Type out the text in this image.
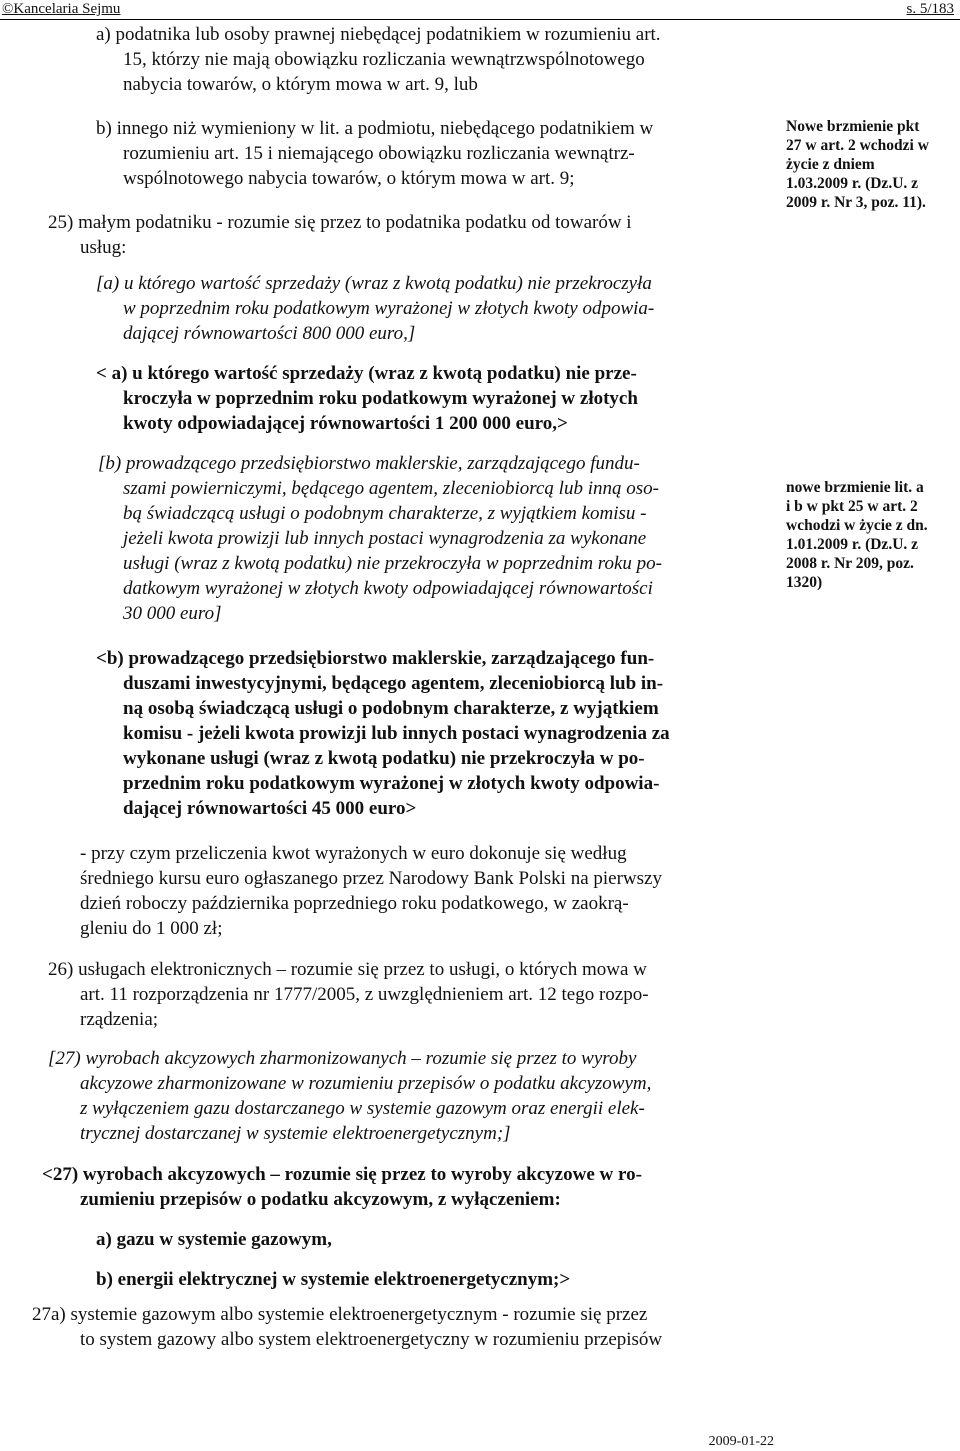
©Kancelaria Sejmu	s. 5/183
a) podatnika lub osoby prawnej niebędącej podatnikiem w rozumieniu art.
15, którzy nie mają obowiązku rozliczania wewnątrzwspólnotowego
nabycia towarów, o którym mowa w art. 9, lub
b) innego niż wymieniony w lit. a podmiotu, niebędącego podatnikiem w
rozumieniu art. 15 i niemającego obowiązku rozliczania wewnątrz-
wspólnotowego nabycia towarów, o którym mowa w art. 9;
25) małym podatniku - rozumie się przez to podatnika podatku od towarów i
usług:
[a) u którego wartość sprzedaży (wraz z kwotą podatku) nie przekroczyła
w poprzednim roku podatkowym wyrażonej w złotych kwoty odpowia-
dającej równowartości 800 000 euro,]
< a) u którego wartość sprzedaży (wraz z kwotą podatku) nie prze-
kroczyła w poprzednim roku podatkowym wyrażonej w złotych
kwoty odpowiadającej równowartości 1 200 000 euro,>
[b) prowadzącego przedsiębiorstwo maklerskie, zarządzającego fundu-
szami powierniczymi, będącego agentem, zleceniobiorcą lub inną oso-
bą świadczącą usługi o podobnym charakterze, z wyjątkiem komisu -
jeżeli kwota prowizji lub innych postaci wynagrodzenia za wykonane
usługi (wraz z kwotą podatku) nie przekroczyła w poprzednim roku po-
datkowym wyrażonej w złotych kwoty odpowiadającej równowartości
30 000 euro]
<b) prowadzącego przedsiębiorstwo maklerskie, zarządzającego fun-
duszami inwestycyjnymi, będącego agentem, zleceniobiorcą lub in-
ną osobą świadczącą usługi o podobnym charakterze, z wyjątkiem
komisu - jeżeli kwota prowizji lub innych postaci wynagrodzenia za
wykonane usługi (wraz z kwotą podatku) nie przekroczyła w po-
przednim roku podatkowym wyrażonej w złotych kwoty odpowia-
dającej równowartości 45 000 euro>
- przy czym przeliczenia kwot wyrażonych w euro dokonuje się według
średniego kursu euro ogłaszanego przez Narodowy Bank Polski na pierwszy
dzień roboczy października poprzedniego roku podatkowego, w zaokrą-
gleniu do 1 000 zł;
26) usługach elektronicznych – rozumie się przez to usługi, o których mowa w
art. 11 rozporządzenia nr 1777/2005, z uwzględnieniem art. 12 tego rozpo-
rządzenia;
[27) wyrobach akcyzowych zharmonizowanych – rozumie się przez to wyroby
akcyzowe zharmonizowane w rozumieniu przepisów o podatku akcyzowym,
z wyłączeniem gazu dostarczanego w systemie gazowym oraz energii elek-
trycznej dostarczanej w systemie elektroenergetycznym;]
<27) wyrobach akcyzowych – rozumie się przez to wyroby akcyzowe w ro-
zumieniu przepisów o podatku akcyzowym, z wyłączeniem:
a) gazu w systemie gazowym,
b) energii elektrycznej w systemie elektroenergetycznym;>
27a) systemie gazowym albo systemie elektroenergetycznym - rozumie się przez
to system gazowy albo system elektroenergetyczny w rozumieniu przepisów
Nowe brzmienie pkt
27 w art. 2 wchodzi w
życie z dniem
1.03.2009 r. (Dz.U. z
2009 r. Nr 3, poz. 11).
nowe brzmienie lit. a
i b w pkt 25 w art. 2
wchodzi w życie z dn.
1.01.2009 r. (Dz.U. z
2008 r. Nr 209, poz.
1320)
2009-01-22
